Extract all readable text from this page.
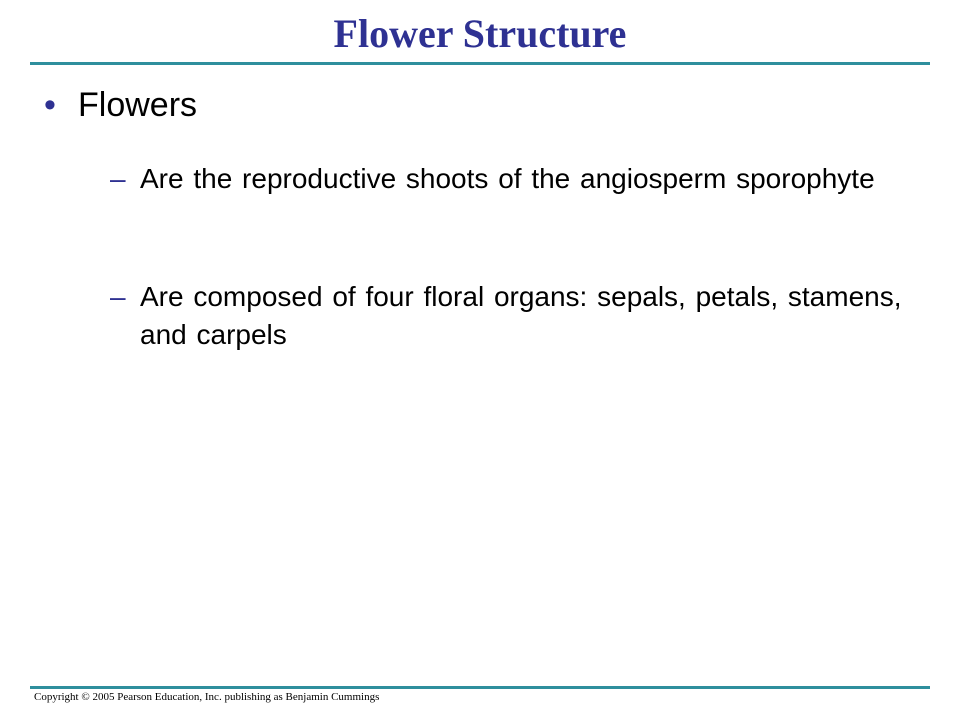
Flower Structure
• Flowers
– Are the reproductive shoots of the angiosperm sporophyte
– Are composed of four floral organs: sepals, petals, stamens, and carpels
Copyright © 2005 Pearson Education, Inc. publishing as Benjamin Cummings
